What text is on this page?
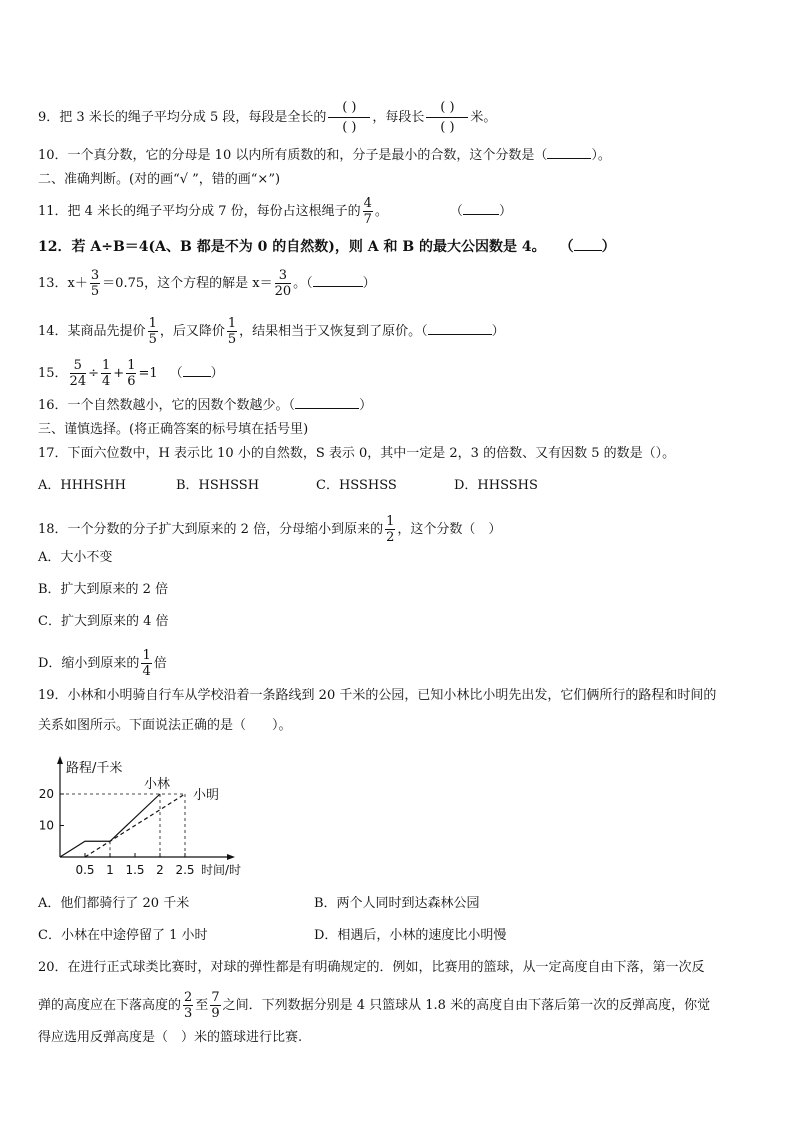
9．把 3 米长的绳子平均分成 5 段，每段是全长的 $\frac{( )}{( )}$ ，每段长 $\frac{( )}{( )}$ 米。
10．一个真分数，它的分母是 10 以内所有质数的和，分子是最小的合数，这个分数是（	）。
二、准确判断。(对的画“√ ”，错的画“×”)
11．把 4 米长的绳子平均分成 7 份，每份占这根绳子的 $\frac{4}{7}$ 。	（	）
12．若 A÷B＝4(A、B 都是不为 0 的自然数)，则 A 和 B 的最大公因数是 4。 （ ）
13．$x+ \frac{3}{5} =0.75$，这个方程的解是 $x= \frac{3}{20}$ 。（	）
14．某商品先提价 $\frac{1}{5}$ ，后又降价 $\frac{1}{5}$ ，结果相当于又恢复到了原价。（	）
15． $\frac{5}{24} \div \frac{1}{4} + \frac{1}{6} =1$ （ ）
16．一个自然数越小，它的因数个数越少。（	）
三、谨慎选择。(将正确答案的标号填在括号里)
17．下面六位数中，H 表示比 10 小的自然数，S 表示 0，其中一定是 2，3 的倍数、又有因数 5 的数是（）。
A．HHHSHH	B．HSHSSH	C．HSSHSS	D．HHSSHS
18．一个分数的分子扩大到原来的 2 倍，分母缩小到原来的 $\frac{1}{2}$ ，这个分数（　）
A．大小不变
B．扩大到原来的 2 倍
C．扩大到原来的 4 倍
D．缩小到原来的 $\frac{1}{4}$ 倍
19．小林和小明骑自行车从学校沿着一条路线到 20 千米的公园，已知小林比小明先出发，它们俩所行的路程和时间的
关系如图所示。下面说法正确的是（　　）。
路程/千米
时间/时
0.5 1 1.5 2 2.5
10
20
小林
小明
A．他们都骑行了 20 千米	B．两个人同时到达森林公园
C．小林在中途停留了 1 小时	D．相遇后，小林的速度比小明慢
20．在进行正式球类比赛时，对球的弹性都是有明确规定的．例如，比赛用的篮球，从一定高度自由下落，第一次反
弹的高度应在下落高度的 $\frac{2}{3}$ 至 $\frac{7}{9}$ 之间．下列数据分别是 4 只篮球从 1.8 米的高度自由下落后第一次的反弹高度，你觉
得应选用反弹高度是（　）米的篮球进行比赛.
